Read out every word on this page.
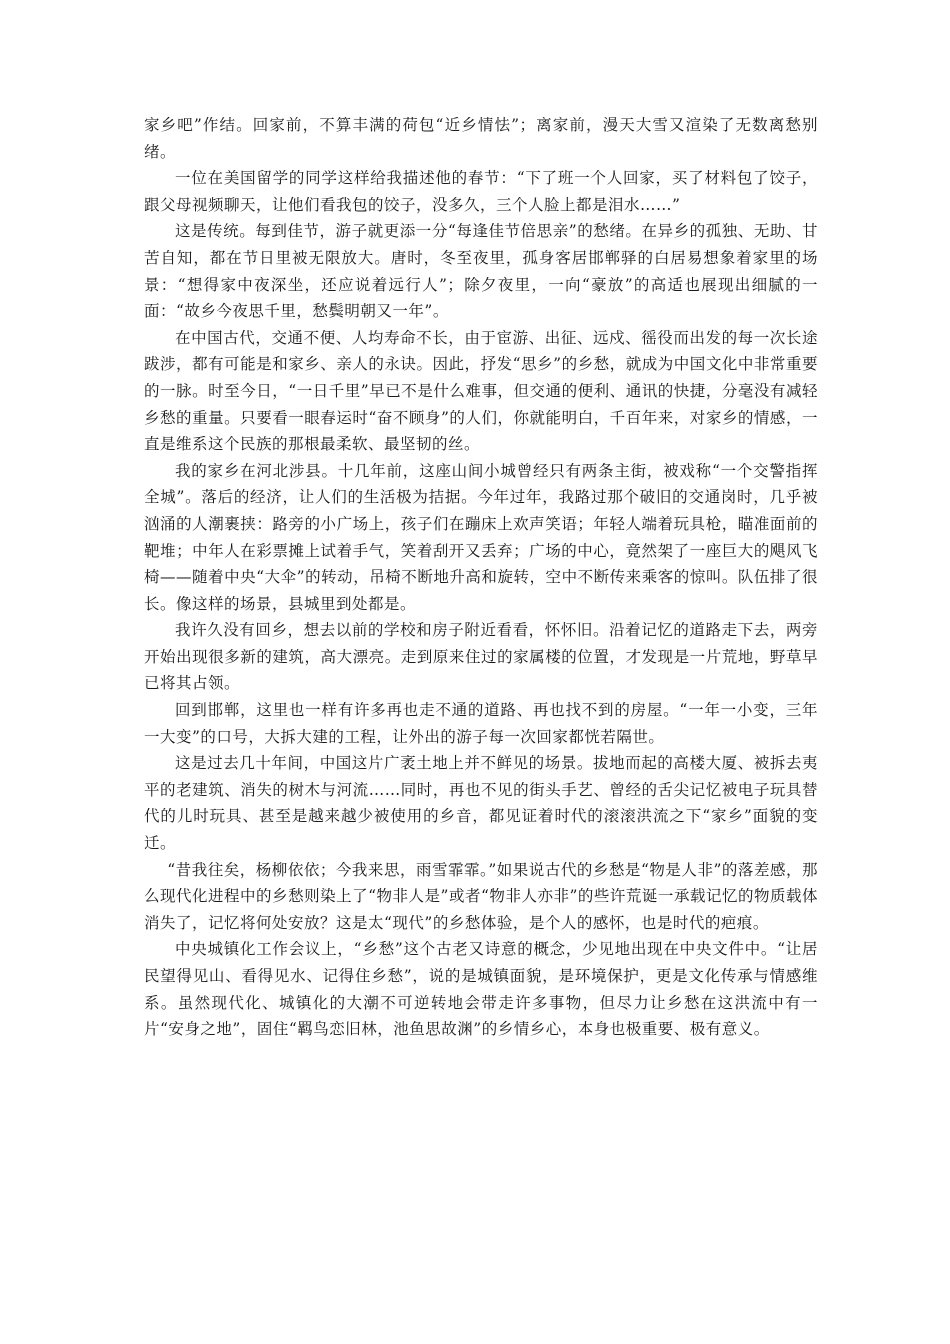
家乡吧”作结。回家前，不算丰满的荷包“近乡情怯”；离家前，漫天大雪又渲染了无数离愁别绪。

一位在美国留学的同学这样给我描述他的春节：“下了班一个人回家，买了材料包了饺子，跟父母视频聊天，让他们看我包的饺子，没多久，三个人脸上都是泪水……”

这是传统。每到佳节，游子就更添一分“每逢佳节倍思亲”的愁绪。在异乡的孤独、无助、甘苦自知，都在节日里被无限放大。唐时，冬至夜里，孤身客居邯郸驿的白居易想象着家里的场景：“想得家中夜深坐，还应说着远行人”；除夕夜里，一向“豪放”的高适也展现出细腻的一面：“故乡今夜思千里，愁鬓明朝又一年”。

在中国古代，交通不便、人均寿命不长，由于宦游、出征、远戍、徭役而出发的每一次长途跋涉，都有可能是和家乡、亲人的永诀。因此，抒发“思乡”的乡愁，就成为中国文化中非常重要的一脉。时至今日，“一日千里”早已不是什么难事，但交通的便利、通讯的快捷，分毫没有减轻乡愁的重量。只要看一眼春运时“奋不顾身”的人们，你就能明白，千百年来，对家乡的情感，一直是维系这个民族的那根最柔软、最坚韧的丝。

我的家乡在河北涉县。十几年前，这座山间小城曾经只有两条主街，被戏称“一个交警指挥全城”。落后的经济，让人们的生活极为拮据。今年过年，我路过那个破旧的交通岗时，几乎被汹涌的人潮裹挟：路旁的小广场上，孩子们在蹦床上欢声笑语；年轻人端着玩具枪，瞄准面前的靶堆；中年人在彩票摊上试着手气，笑着刮开又丢弃；广场的中心，竟然架了一座巨大的飓风飞椅——随着中央“大伞”的转动，吊椅不断地升高和旋转，空中不断传来乘客的惊叫。队伍排了很长。像这样的场景，县城里到处都是。

我许久没有回乡，想去以前的学校和房子附近看看，怀怀旧。沿着记忆的道路走下去，两旁开始出现很多新的建筑，高大漂亮。走到原来住过的家属楼的位置，才发现是一片荒地，野草早已将其占领。

回到邯郸，这里也一样有许多再也走不通的道路、再也找不到的房屋。“一年一小变，三年一大变”的口号，大拆大建的工程，让外出的游子每一次回家都恍若隔世。

这是过去几十年间，中国这片广袤土地上并不鲜见的场景。拔地而起的高楼大厦、被拆去夷平的老建筑、消失的树木与河流……同时，再也不见的街头手艺、曾经的舌尖记忆被电子玩具替代的儿时玩具、甚至是越来越少被使用的乡音，都见证着时代的滚滚洪流之下“家乡”面貌的变迁。

“昔我往矣，杨柳依依；今我来思，雨雪霏霏。”如果说古代的乡愁是“物是人非”的落差感，那么现代化进程中的乡愁则染上了“物非人是”或者“物非人亦非”的些许荒诞一承载记忆的物质载体消失了，记忆将何处安放？这是太“现代”的乡愁体验，是个人的感怀，也是时代的疤痕。

中央城镇化工作会议上，“乡愁”这个古老又诗意的概念，少见地出现在中央文件中。“让居民望得见山、看得见水、记得住乡愁”，说的是城镇面貌，是环境保护，更是文化传承与情感维系。虽然现代化、城镇化的大潮不可逆转地会带走许多事物，但尽力让乡愁在这洪流中有一片“安身之地”，固住“羁鸟恋旧林，池鱼思故渊”的乡情乡心，本身也极重要、极有意义。
